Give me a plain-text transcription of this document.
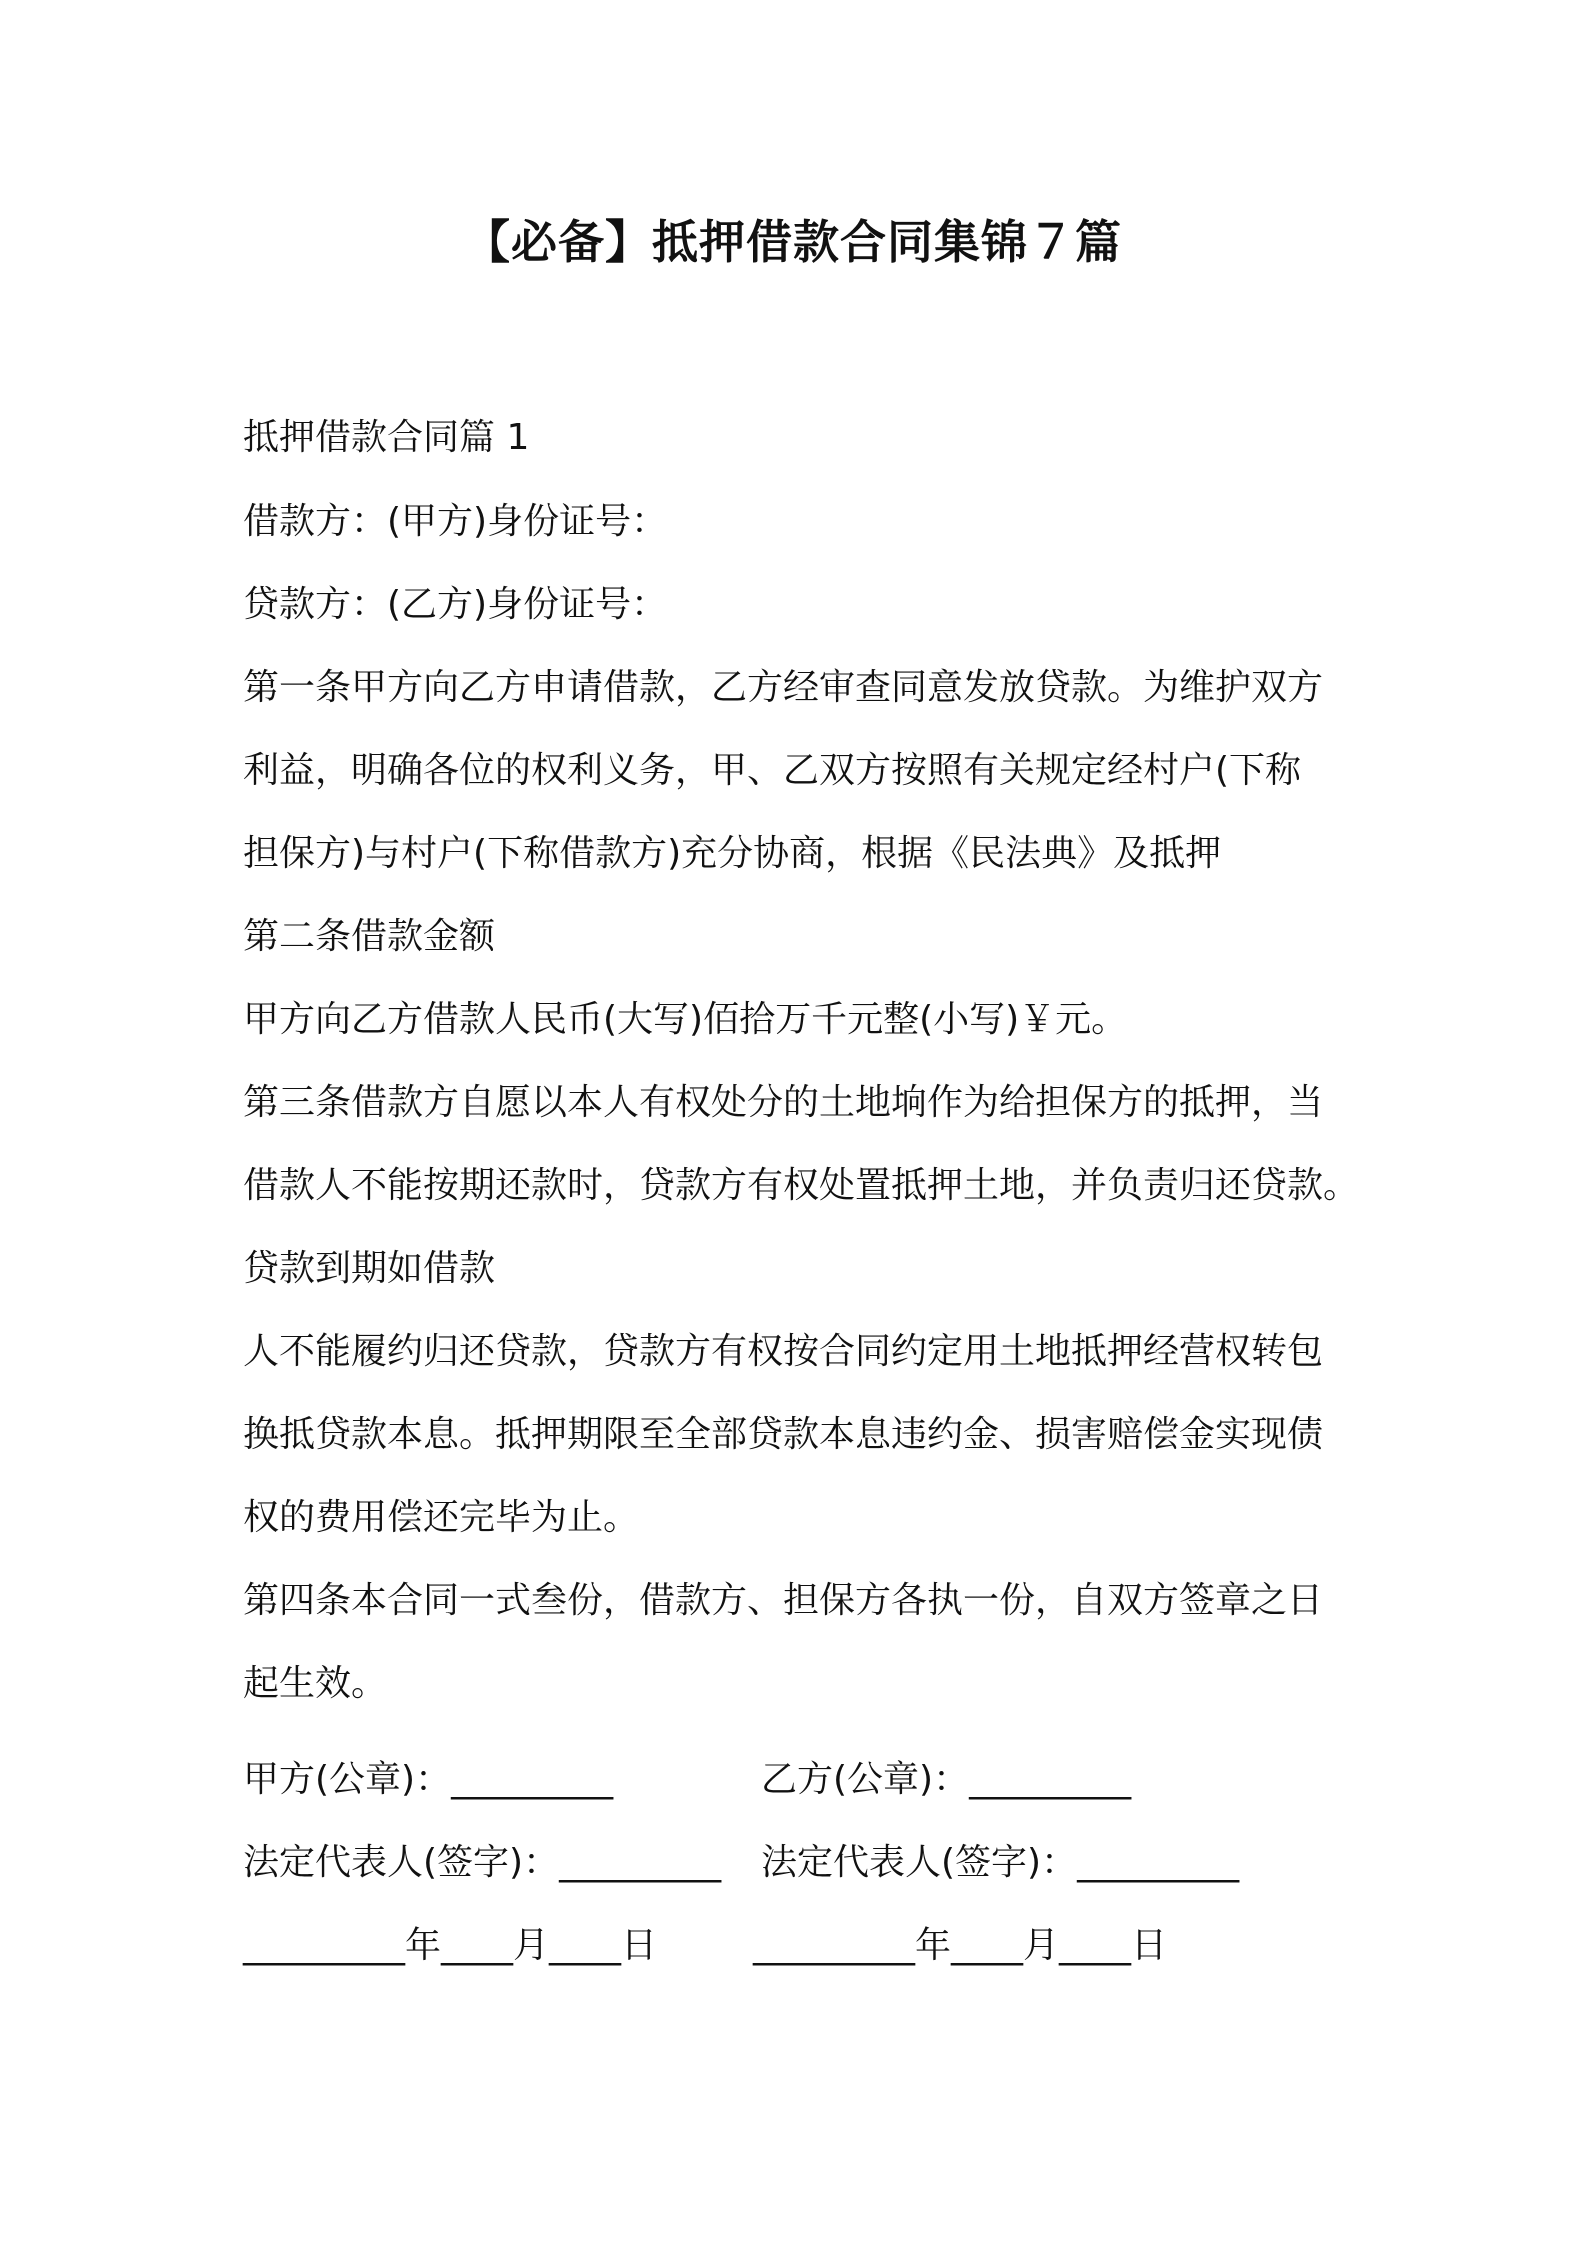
【必备】抵押借款合同集锦７篇
抵押借款合同篇 1
借款方：(甲方)身份证号：
贷款方：(乙方)身份证号：
第一条甲方向乙方申请借款，乙方经审查同意发放贷款。为维护双方
利益，明确各位的权利义务，甲、乙双方按照有关规定经村户(下称
担保方)与村户(下称借款方)充分协商，根据《民法典》及抵押
第二条借款金额
甲方向乙方借款人民币(大写)佰拾万千元整(小写)￥元。
第三条借款方自愿以本人有权处分的土地垧作为给担保方的抵押，当
借款人不能按期还款时，贷款方有权处置抵押土地，并负责归还贷款。
贷款到期如借款
人不能履约归还贷款，贷款方有权按合同约定用土地抵押经营权转包
换抵贷款本息。抵押期限至全部贷款本息违约金、损害赔偿金实现债
权的费用偿还完毕为止。
第四条本合同一式叁份，借款方、担保方各执一份，自双方签章之日
起生效。
甲方(公章)：_________	乙方(公章)：_________
法定代表人(签字)：_________ 法定代表人(签字)：_________
_________年____月____日	_________年____月____日
